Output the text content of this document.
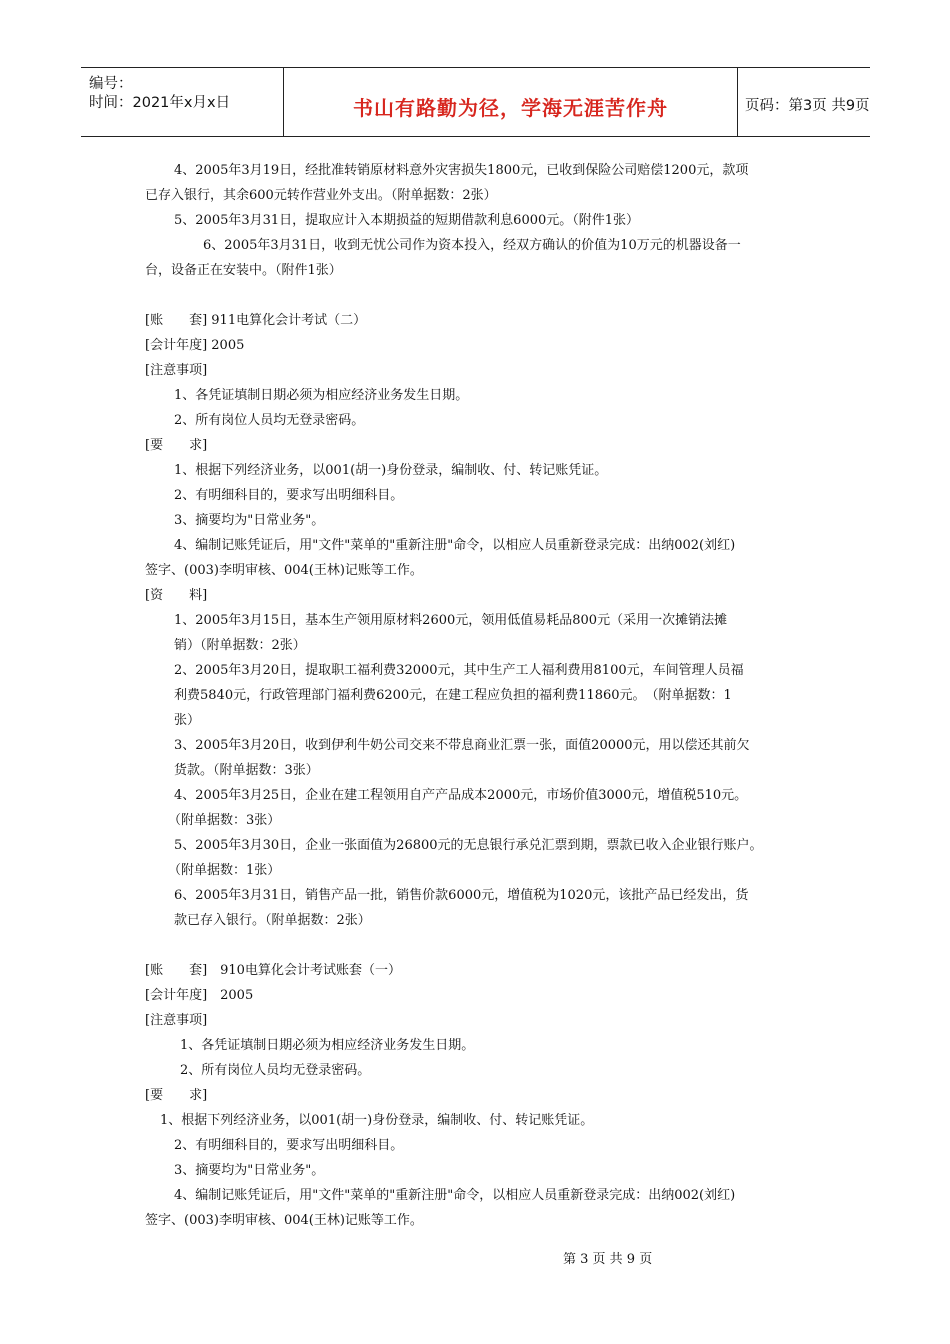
编号：
时间：2021年x月x日	书山有路勤为径，学海无涯苦作舟	页码：第3页 共9页
4、2005年3月19日，经批准转销原材料意外灾害损失1800元，已收到保险公司赔偿1200元，款项
已存入银行，其余600元转作营业外支出。（附单据数：2张）
5、2005年3月31日，提取应计入本期损益的短期借款利息6000元。（附件1张）
6、2005年3月31日，收到无忧公司作为资本投入，经双方确认的价值为10万元的机器设备一
台，设备正在安装中。（附件1张）
[账　　套] 911电算化会计考试（二）
[会计年度] 2005
[注意事项]
1、各凭证填制日期必须为相应经济业务发生日期。
2、所有岗位人员均无登录密码。
[要　　求]
1、根据下列经济业务，以001(胡一)身份登录，编制收、付、转记账凭证。
2、有明细科目的，要求写出明细科目。
3、摘要均为"日常业务"。
4、编制记账凭证后，用"文件"菜单的"重新注册"命令，以相应人员重新登录完成：出纳002(刘红)
签字、(003)李明审核、004(王林)记账等工作。
[资　　料]
1、2005年3月15日，基本生产领用原材料2600元，领用低值易耗品800元（采用一次摊销法摊
销）（附单据数：2张）
2、2005年3月20日，提取职工福利费32000元，其中生产工人福利费用8100元，车间管理人员福
利费5840元，行政管理部门福利费6200元，在建工程应负担的福利费11860元。　（附单据数：1
张）
3、2005年3月20日，收到伊利牛奶公司交来不带息商业汇票一张，面值20000元，用以偿还其前欠
货款。（附单据数：3张）
4、2005年3月25日，企业在建工程领用自产产品成本2000元，市场价值3000元，增值税510元。
（附单据数：3张）
5、2005年3月30日，企业一张面值为26800元的无息银行承兑汇票到期，票款已收入企业银行账户。
（附单据数：1张）
6、2005年3月31日，销售产品一批，销售价款6000元，增值税为1020元，该批产品已经发出，货
款已存入银行。（附单据数：2张）
[账　　套]　910电算化会计考试账套（一）
[会计年度]　2005
[注意事项]
1、各凭证填制日期必须为相应经济业务发生日期。
2、所有岗位人员均无登录密码。
[要　　求]
1、根据下列经济业务，以001(胡一)身份登录，编制收、付、转记账凭证。
2、有明细科目的，要求写出明细科目。
3、摘要均为"日常业务"。
4、编制记账凭证后，用"文件"菜单的"重新注册"命令，以相应人员重新登录完成：出纳002(刘红)
签字、(003)李明审核、004(王林)记账等工作。
第 3 页 共 9 页
